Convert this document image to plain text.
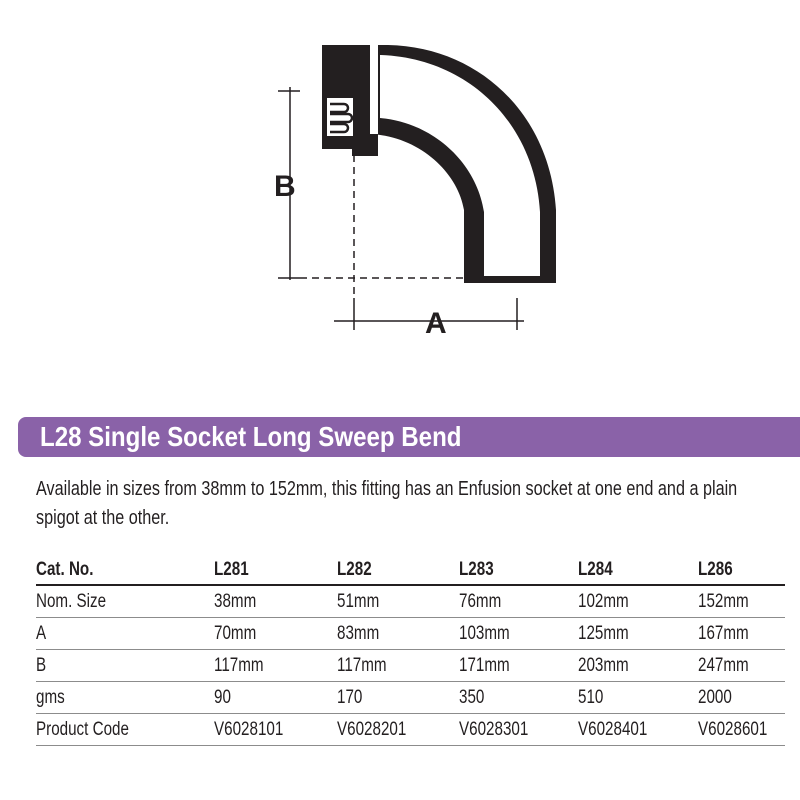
B
A
L28 Single Socket Long Sweep Bend

Available in sizes from 38mm to 152mm, this fitting has an Enfusion socket at one end and a plain spigot at the other.

Cat. No.	L281	L282	L283	L284	L286
Nom. Size	38mm	51mm	76mm	102mm	152mm
A	70mm	83mm	103mm	125mm	167mm
B	117mm	117mm	171mm	203mm	247mm
gms	90	170	350	510	2000
Product Code	V6028101	V6028201	V6028301	V6028401	V6028601
